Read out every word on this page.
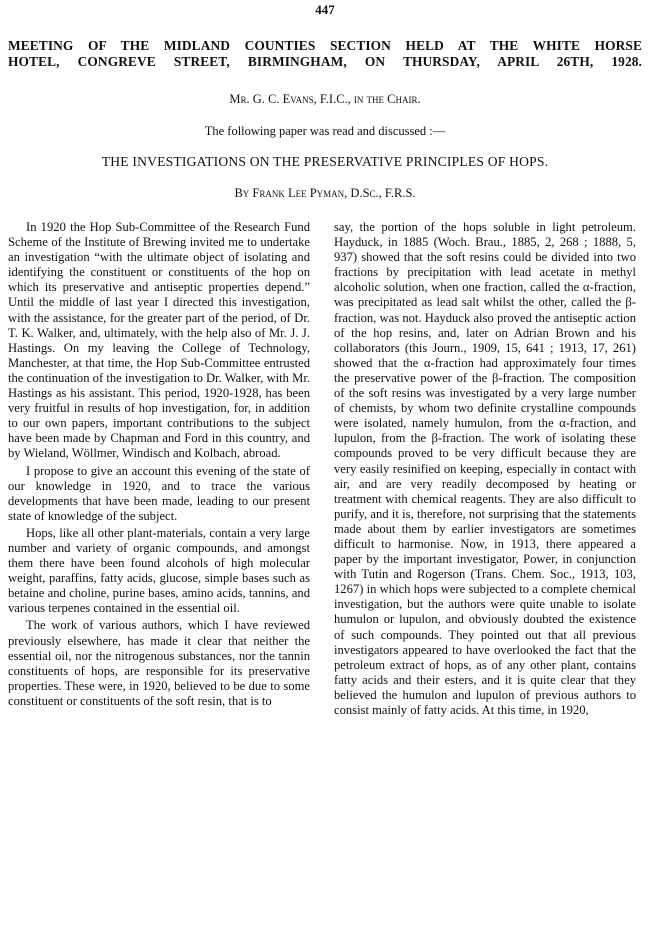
447
MEETING OF THE MIDLAND COUNTIES SECTION HELD AT THE WHITE HORSE
HOTEL, CONGREVE STREET, BIRMINGHAM, ON THURSDAY, APRIL 26TH, 1928.
Mr. G. C. Evans, F.I.C., in the Chair.
The following paper was read and discussed :—
THE INVESTIGATIONS ON THE PRESERVATIVE PRINCIPLES OF HOPS.
By Frank Lee Pyman, D.Sc., F.R.S.

In 1920 the Hop Sub-Committee of the Research Fund Scheme of the Institute of Brewing invited me to undertake an investigation “with the ultimate object of isolating and identifying the constituent or constituents of the hop on which its preservative and antiseptic properties depend.” Until the middle of last year I directed this investigation, with the assistance, for the greater part of the period, of Dr. T. K. Walker, and, ultimately, with the help also of Mr. J. J. Hastings. On my leaving the College of Technology, Manchester, at that time, the Hop Sub-Committee entrusted the continuation of the investigation to Dr. Walker, with Mr. Hastings as his assistant. This period, 1920-1928, has been very fruitful in results of hop investigation, for, in addition to our own papers, important contributions to the subject have been made by Chapman and Ford in this country, and by Wieland, Wöllmer, Windisch and Kolbach, abroad.

I propose to give an account this evening of the state of our knowledge in 1920, and to trace the various developments that have been made, leading to our present state of knowledge of the subject.

Hops, like all other plant-materials, contain a very large number and variety of organic compounds, and amongst them there have been found alcohols of high molecular weight, paraffins, fatty acids, glucose, simple bases such as betaine and choline, purine bases, amino acids, tannins, and various terpenes contained in the essential oil.

The work of various authors, which I have reviewed previously elsewhere, has made it clear that neither the essential oil, nor the nitrogenous substances, nor the tannin constituents of hops, are responsible for its preservative properties. These were, in 1920, believed to be due to some constituent or constituents of the soft resin, that is to

say, the portion of the hops soluble in light petroleum. Hayduck, in 1885 (Woch. Brau., 1885, 2, 268 ; 1888, 5, 937) showed that the soft resins could be divided into two fractions by precipitation with lead acetate in methyl alcoholic solution, when one fraction, called the α-fraction, was precipitated as lead salt whilst the other, called the β-fraction, was not. Hayduck also proved the antiseptic action of the hop resins, and, later on Adrian Brown and his collaborators (this Journ., 1909, 15, 641 ; 1913, 17, 261) showed that the α-fraction had approximately four times the preservative power of the β-fraction. The composition of the soft resins was investigated by a very large number of chemists, by whom two definite crystalline compounds were isolated, namely humulon, from the α-fraction, and lupulon, from the β-fraction. The work of isolating these compounds proved to be very difficult because they are very easily resinified on keeping, especially in contact with air, and are very readily decomposed by heating or treatment with chemical reagents. They are also difficult to purify, and it is, therefore, not surprising that the statements made about them by earlier investigators are sometimes difficult to harmonise. Now, in 1913, there appeared a paper by the important investigator, Power, in conjunction with Tutin and Rogerson (Trans. Chem. Soc., 1913, 103, 1267) in which hops were subjected to a complete chemical investigation, but the authors were quite unable to isolate humulon or lupulon, and obviously doubted the existence of such compounds. They pointed out that all previous investigators appeared to have overlooked the fact that the petroleum extract of hops, as of any other plant, contains fatty acids and their esters, and it is quite clear that they believed the humulon and lupulon of previous authors to consist mainly of fatty acids. At this time, in 1920,
